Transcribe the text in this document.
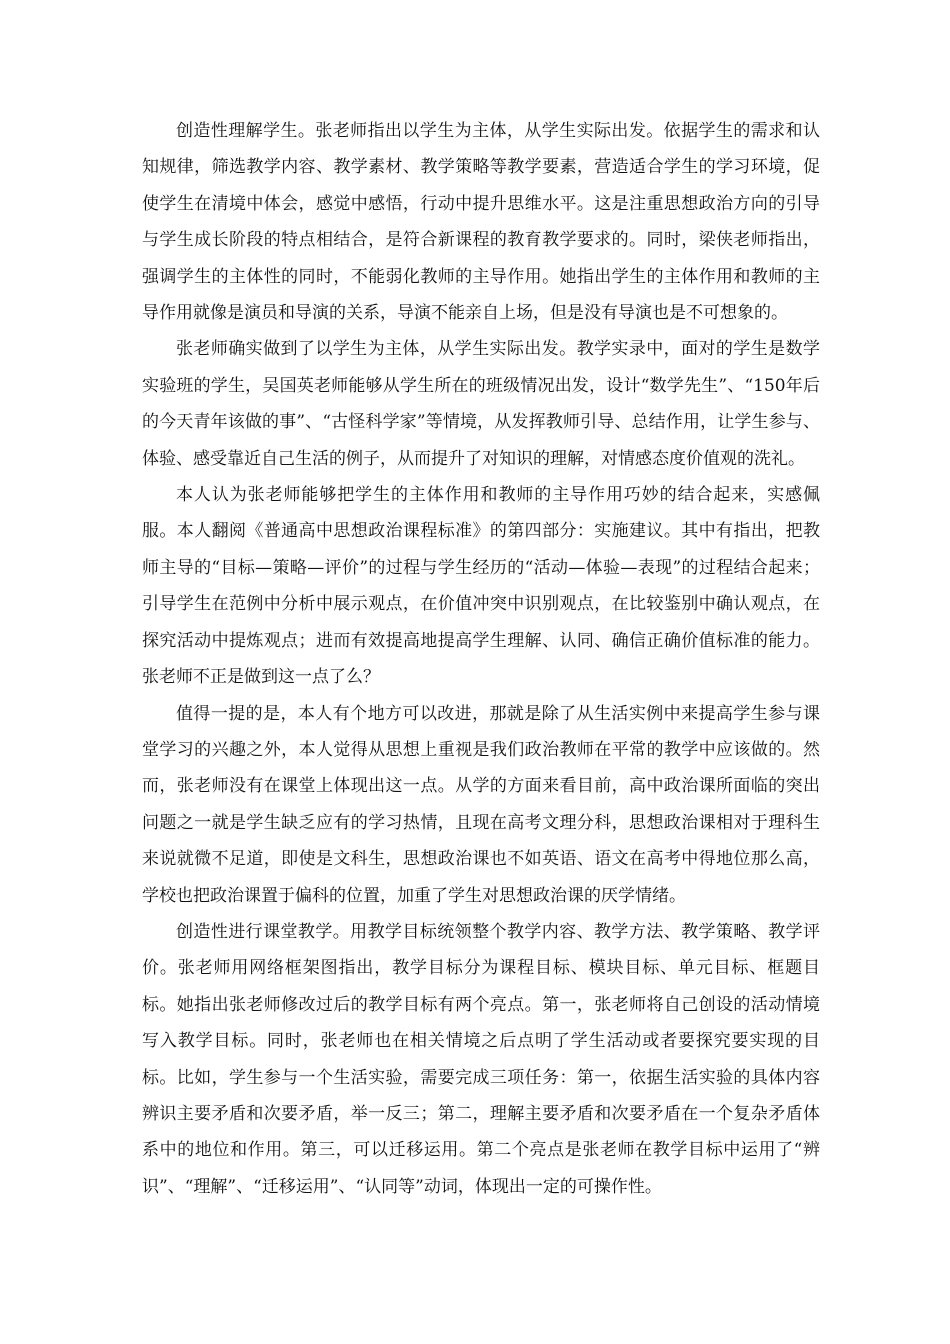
创造性理解学生。张老师指出以学生为主体，从学生实际出发。依据学生的需求和认知规律，筛选教学内容、教学素材、教学策略等教学要素，营造适合学生的学习环境，促使学生在清境中体会，感觉中感悟，行动中提升思维水平。这是注重思想政治方向的引导与学生成长阶段的特点相结合，是符合新课程的教育教学要求的。同时，梁侠老师指出，强调学生的主体性的同时，不能弱化教师的主导作用。她指出学生的主体作用和教师的主导作用就像是演员和导演的关系，导演不能亲自上场，但是没有导演也是不可想象的。

张老师确实做到了以学生为主体，从学生实际出发。教学实录中，面对的学生是数学实验班的学生，吴国英老师能够从学生所在的班级情况出发，设计“数学先生”、“150年后的今天青年该做的事”、“古怪科学家”等情境，从发挥教师引导、总结作用，让学生参与、体验、感受靠近自己生活的例子，从而提升了对知识的理解，对情感态度价值观的洗礼。

本人认为张老师能够把学生的主体作用和教师的主导作用巧妙的结合起来，实感佩服。本人翻阅《普通高中思想政治课程标准》的第四部分：实施建议。其中有指出，把教师主导的“目标—策略—评价”的过程与学生经历的“活动—体验—表现”的过程结合起来；引导学生在范例中分析中展示观点，在价值冲突中识别观点，在比较鉴别中确认观点，在探究活动中提炼观点；进而有效提高地提高学生理解、认同、确信正确价值标准的能力。张老师不正是做到这一点了么？

值得一提的是，本人有个地方可以改进，那就是除了从生活实例中来提高学生参与课堂学习的兴趣之外，本人觉得从思想上重视是我们政治教师在平常的教学中应该做的。然而，张老师没有在课堂上体现出这一点。从学的方面来看目前，高中政治课所面临的突出问题之一就是学生缺乏应有的学习热情，且现在高考文理分科，思想政治课相对于理科生来说就微不足道，即使是文科生，思想政治课也不如英语、语文在高考中得地位那么高，学校也把政治课置于偏科的位置，加重了学生对思想政治课的厌学情绪。

创造性进行课堂教学。用教学目标统领整个教学内容、教学方法、教学策略、教学评价。张老师用网络框架图指出，教学目标分为课程目标、模块目标、单元目标、框题目标。她指出张老师修改过后的教学目标有两个亮点。第一，张老师将自己创设的活动情境写入教学目标。同时，张老师也在相关情境之后点明了学生活动或者要探究要实现的目标。比如，学生参与一个生活实验，需要完成三项任务：第一，依据生活实验的具体内容辨识主要矛盾和次要矛盾，举一反三；第二，理解主要矛盾和次要矛盾在一个复杂矛盾体系中的地位和作用。第三，可以迁移运用。第二个亮点是张老师在教学目标中运用了“辨识”、“理解”、“迁移运用”、“认同等”动词，体现出一定的可操作性。
